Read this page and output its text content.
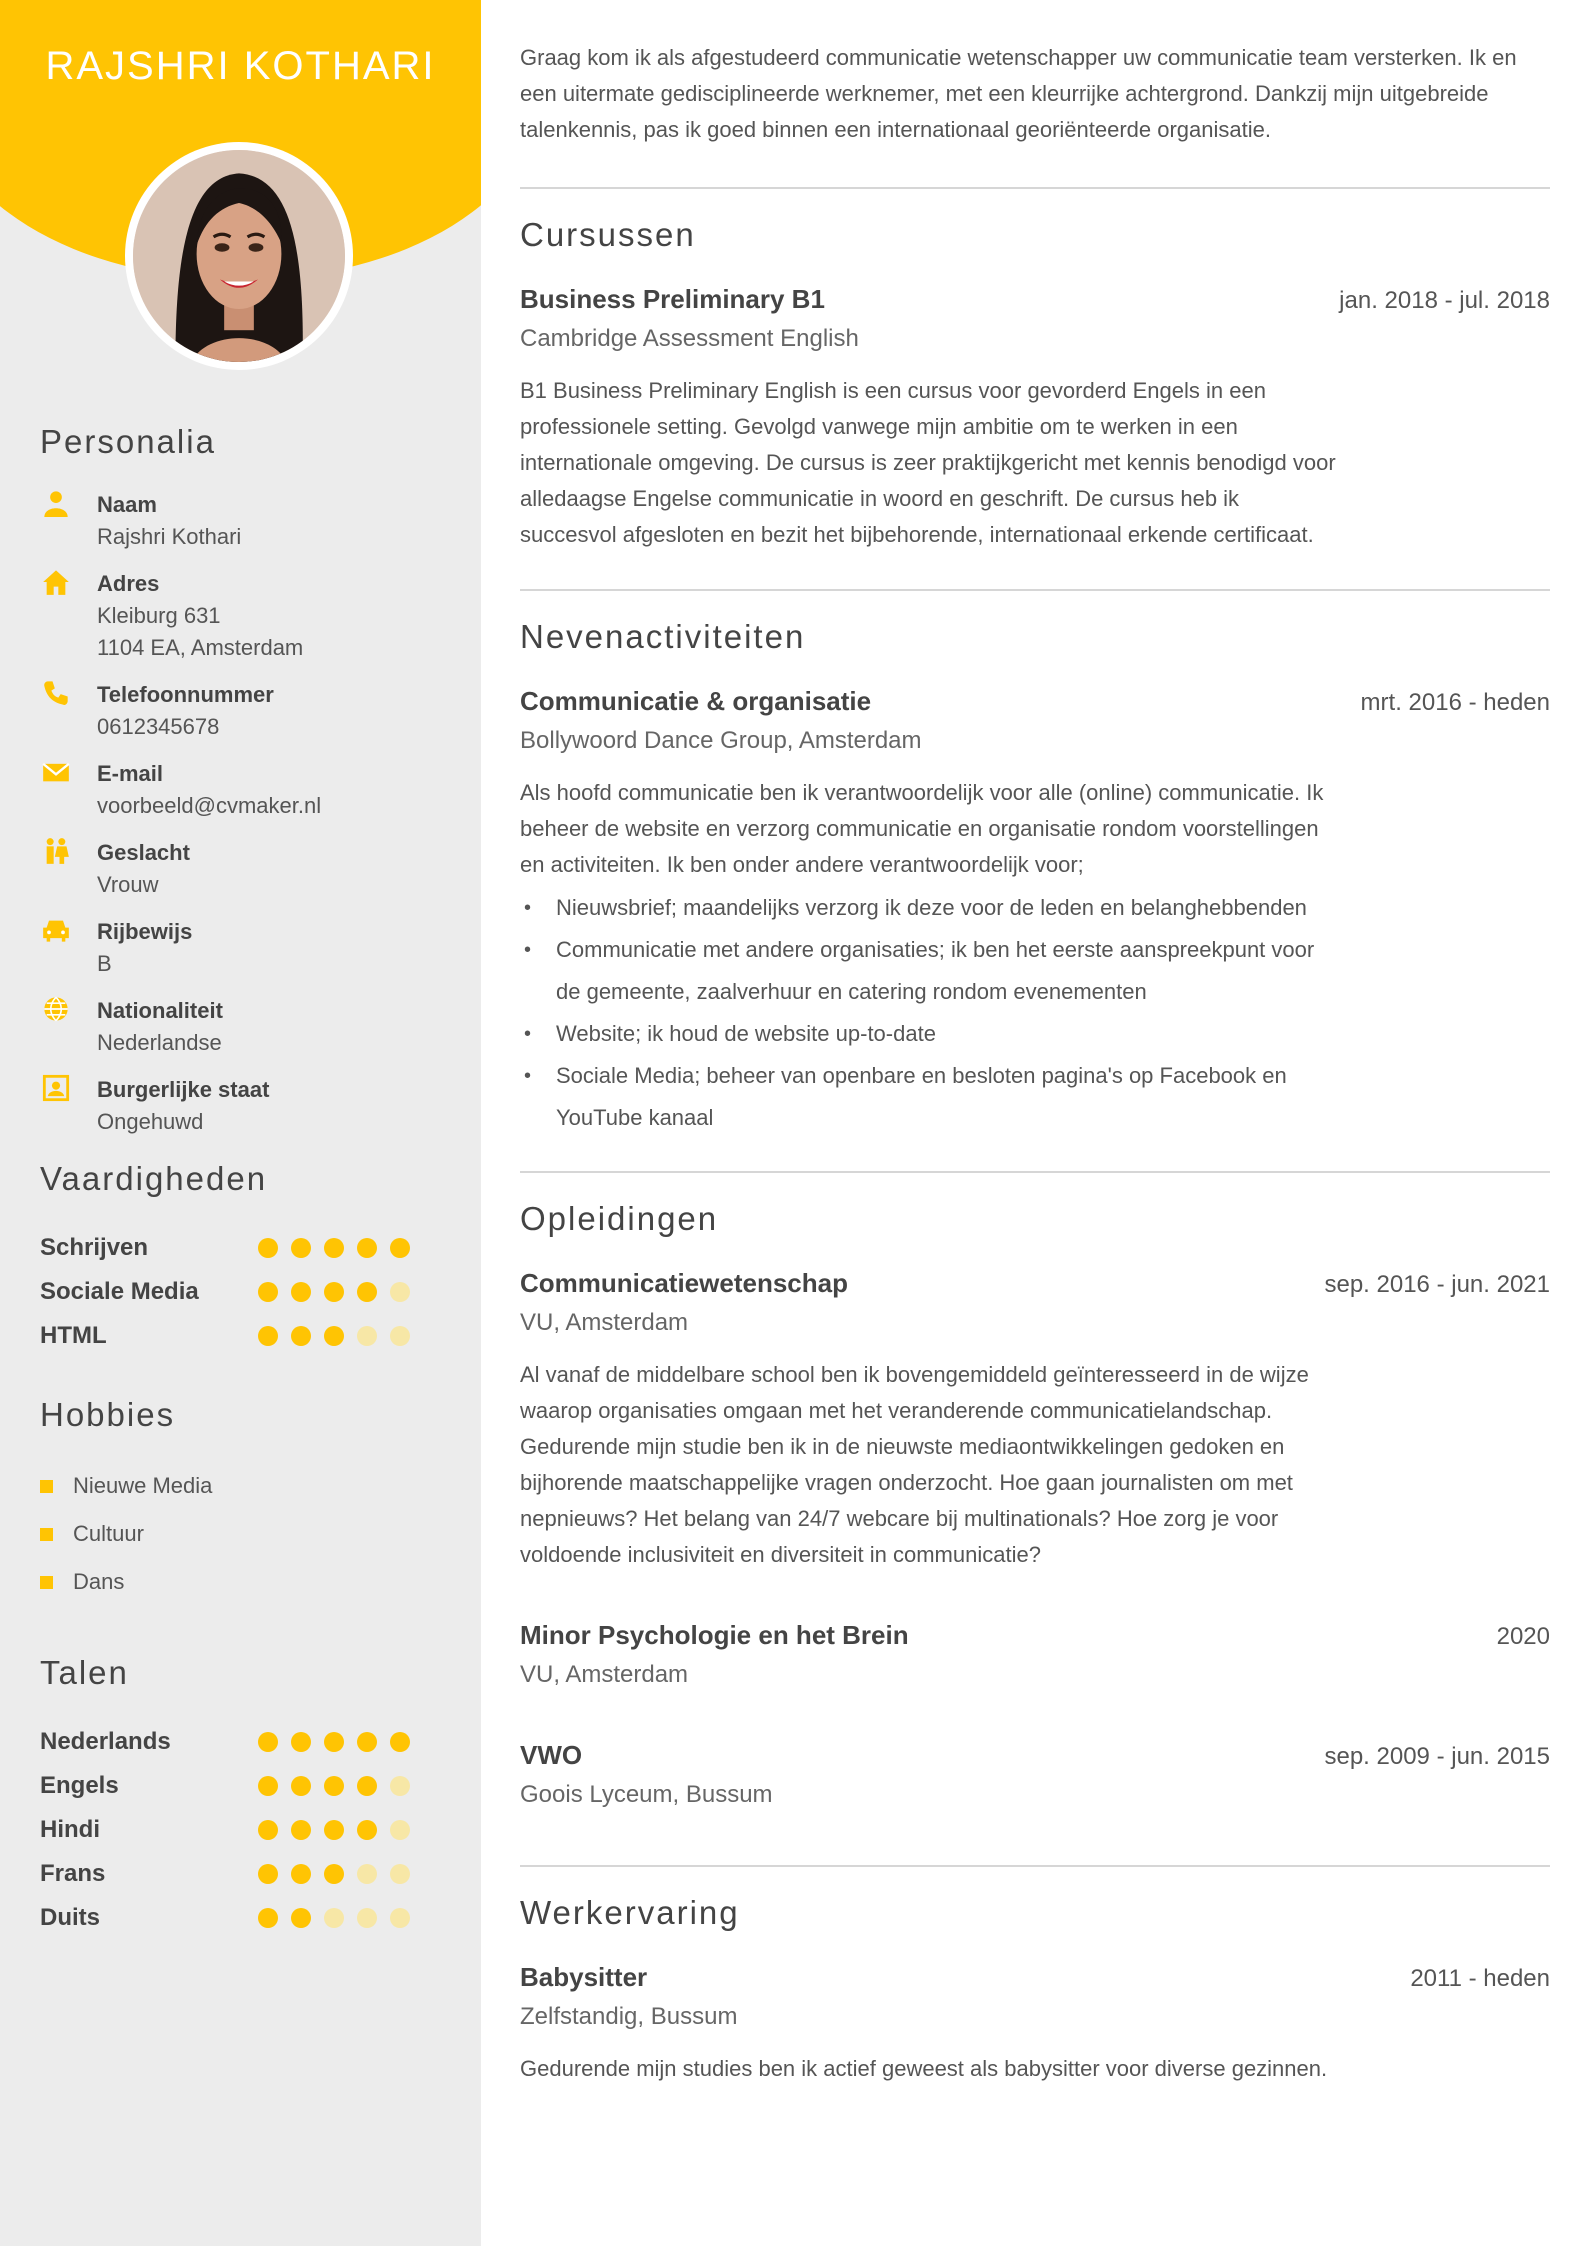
RAJSHRI KOTHARI
Personalia
Naam
Rajshri Kothari
Adres
Kleiburg 631
1104 EA, Amsterdam
Telefoonnummer
0612345678
E-mail
voorbeeld@cvmaker.nl
Geslacht
Vrouw
Rijbewijs
B
Nationaliteit
Nederlandse
Burgerlijke staat
Ongehuwd
Vaardigheden
Schrijven
Sociale Media
HTML
Hobbies
Nieuwe Media
Cultuur
Dans
Talen
Nederlands
Engels
Hindi
Frans
Duits
Graag kom ik als afgestudeerd communicatie wetenschapper uw communicatie team versterken. Ik en een uitermate gedisciplineerde werknemer, met een kleurrijke achtergrond. Dankzij mijn uitgebreide talenkennis, pas ik goed binnen een internationaal georiënteerde organisatie.
Cursussen
Business Preliminary B1	jan. 2018 - jul. 2018
Cambridge Assessment English
B1 Business Preliminary English is een cursus voor gevorderd Engels in een professionele setting. Gevolgd vanwege mijn ambitie om te werken in een internationale omgeving. De cursus is zeer praktijkgericht met kennis benodigd voor alledaagse Engelse communicatie in woord en geschrift. De cursus heb ik succesvol afgesloten en bezit het bijbehorende, internationaal erkende certificaat.
Nevenactiviteiten
Communicatie & organisatie	mrt. 2016 - heden
Bollywoord Dance Group, Amsterdam
Als hoofd communicatie ben ik verantwoordelijk voor alle (online) communicatie. Ik beheer de website en verzorg communicatie en organisatie rondom voorstellingen en activiteiten. Ik ben onder andere verantwoordelijk voor;
• Nieuwsbrief; maandelijks verzorg ik deze voor de leden en belanghebbenden
• Communicatie met andere organisaties; ik ben het eerste aanspreekpunt voor de gemeente, zaalverhuur en catering rondom evenementen
• Website; ik houd de website up-to-date
• Sociale Media; beheer van openbare en besloten pagina's op Facebook en YouTube kanaal
Opleidingen
Communicatiewetenschap	sep. 2016 - jun. 2021
VU, Amsterdam
Al vanaf de middelbare school ben ik bovengemiddeld geïnteresseerd in de wijze waarop organisaties omgaan met het veranderende communicatielandschap. Gedurende mijn studie ben ik in de nieuwste mediaontwikkelingen gedoken en bijhorende maatschappelijke vragen onderzocht. Hoe gaan journalisten om met nepnieuws? Het belang van 24/7 webcare bij multinationals? Hoe zorg je voor voldoende inclusiviteit en diversiteit in communicatie?
Minor Psychologie en het Brein	2020
VU, Amsterdam
VWO	sep. 2009 - jun. 2015
Goois Lyceum, Bussum
Werkervaring
Babysitter	2011 - heden
Zelfstandig, Bussum
Gedurende mijn studies ben ik actief geweest als babysitter voor diverse gezinnen.
